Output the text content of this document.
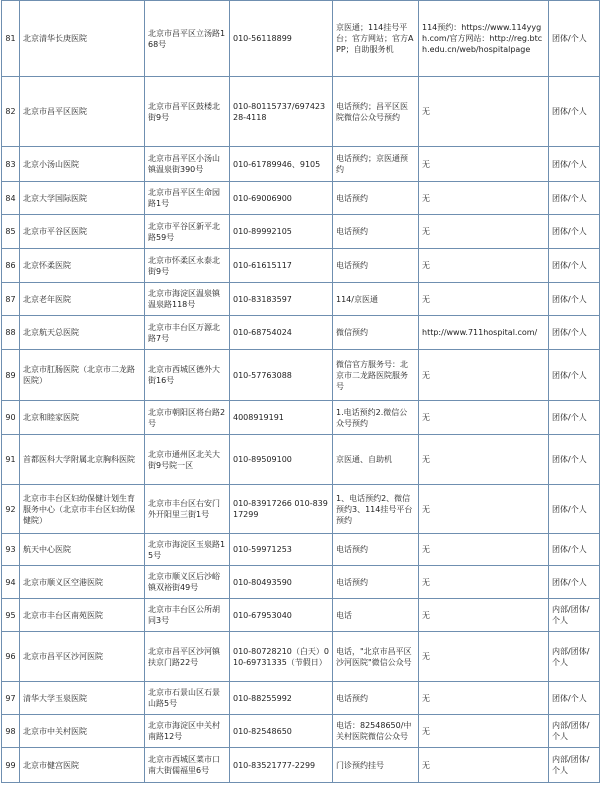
81	北京清华长庚医院	北京市昌平区立汤路168号	010-56118899	京医通；114挂号平台；官方网站；官方APP；自助服务机	114预约：https://www.114yygh.com/官方网站：http://reg.btch.edu.cn/web/hospitalpage	团体/个人
82	北京市昌平区医院	北京市昌平区鼓楼北街9号	010-80115737/69742328-4118	电话预约；昌平区医院微信公众号预约	无	团体/个人
83	北京小汤山医院	北京市昌平区小汤山镇温泉街390号	010-61789946、9105	电话预约；京医通预约	无	团体/个人
84	北京大学国际医院	北京市昌平区生命园路1号	010-69006900	电话预约	无	团体/个人
85	北京市平谷区医院	北京市平谷区新平北路59号	010-89992105	电话预约	无	团体/个人
86	北京怀柔医院	北京市怀柔区永泰北街9号	010-61615117	电话预约	无	团体/个人
87	北京老年医院	北京市海淀区温泉镇温泉路118号	010-83183597	114/京医通	无	团体/个人
88	北京航天总医院	北京市丰台区万源北路7号	010-68754024	微信预约	http://www.711hospital.com/	团体/个人
89	北京市肛肠医院（北京市二龙路医院）	北京市西城区德外大街16号	010-57763088	微信官方服务号：北京市二龙路医院服务号	无	团体/个人
90	北京和睦家医院	北京市朝阳区将台路2号	4008919191	1.电话预约2.微信公众号预约	无	团体/个人
91	首都医科大学附属北京胸科医院	北京市通州区北关大街9号院一区	010-89509100	京医通、自助机	无	团体/个人
92	北京市丰台区妇幼保健计划生育服务中心（北京市丰台区妇幼保健院）	北京市丰台区右安门外开阳里三街1号	010-83917266 010-83917299	1、电话预约2、微信预约3、114挂号平台预约	无	团体/个人
93	航天中心医院	北京市海淀区玉泉路15号	010-59971253	电话预约	无	团体/个人
94	北京市顺义区空港医院	北京市顺义区后沙峪镇双裕街49号	010-80493590	电话预约	无	团体/个人
95	北京市丰台区南苑医院	北京市丰台区公所胡同3号	010-67953040	电话	无	内部/团体/个人
96	北京市昌平区沙河医院	北京市昌平区沙河镇扶京门路22号	010-80728210（白天）010-69731335（节假日）	电话，"北京市昌平区沙河医院"微信公众号	无	内部/团体/个人
97	清华大学玉泉医院	北京市石景山区石景山路5号	010-88255992	电话预约	无	团体/个人
98	北京市中关村医院	北京市海淀区中关村南路12号	010-82548650	电话：82548650/中关村医院微信公众号	无	内部/团体/个人
99	北京市健宫医院	北京市西城区菜市口南大街儒福里6号	010-83521777-2299	门诊预约挂号	无	内部/团体/个人
